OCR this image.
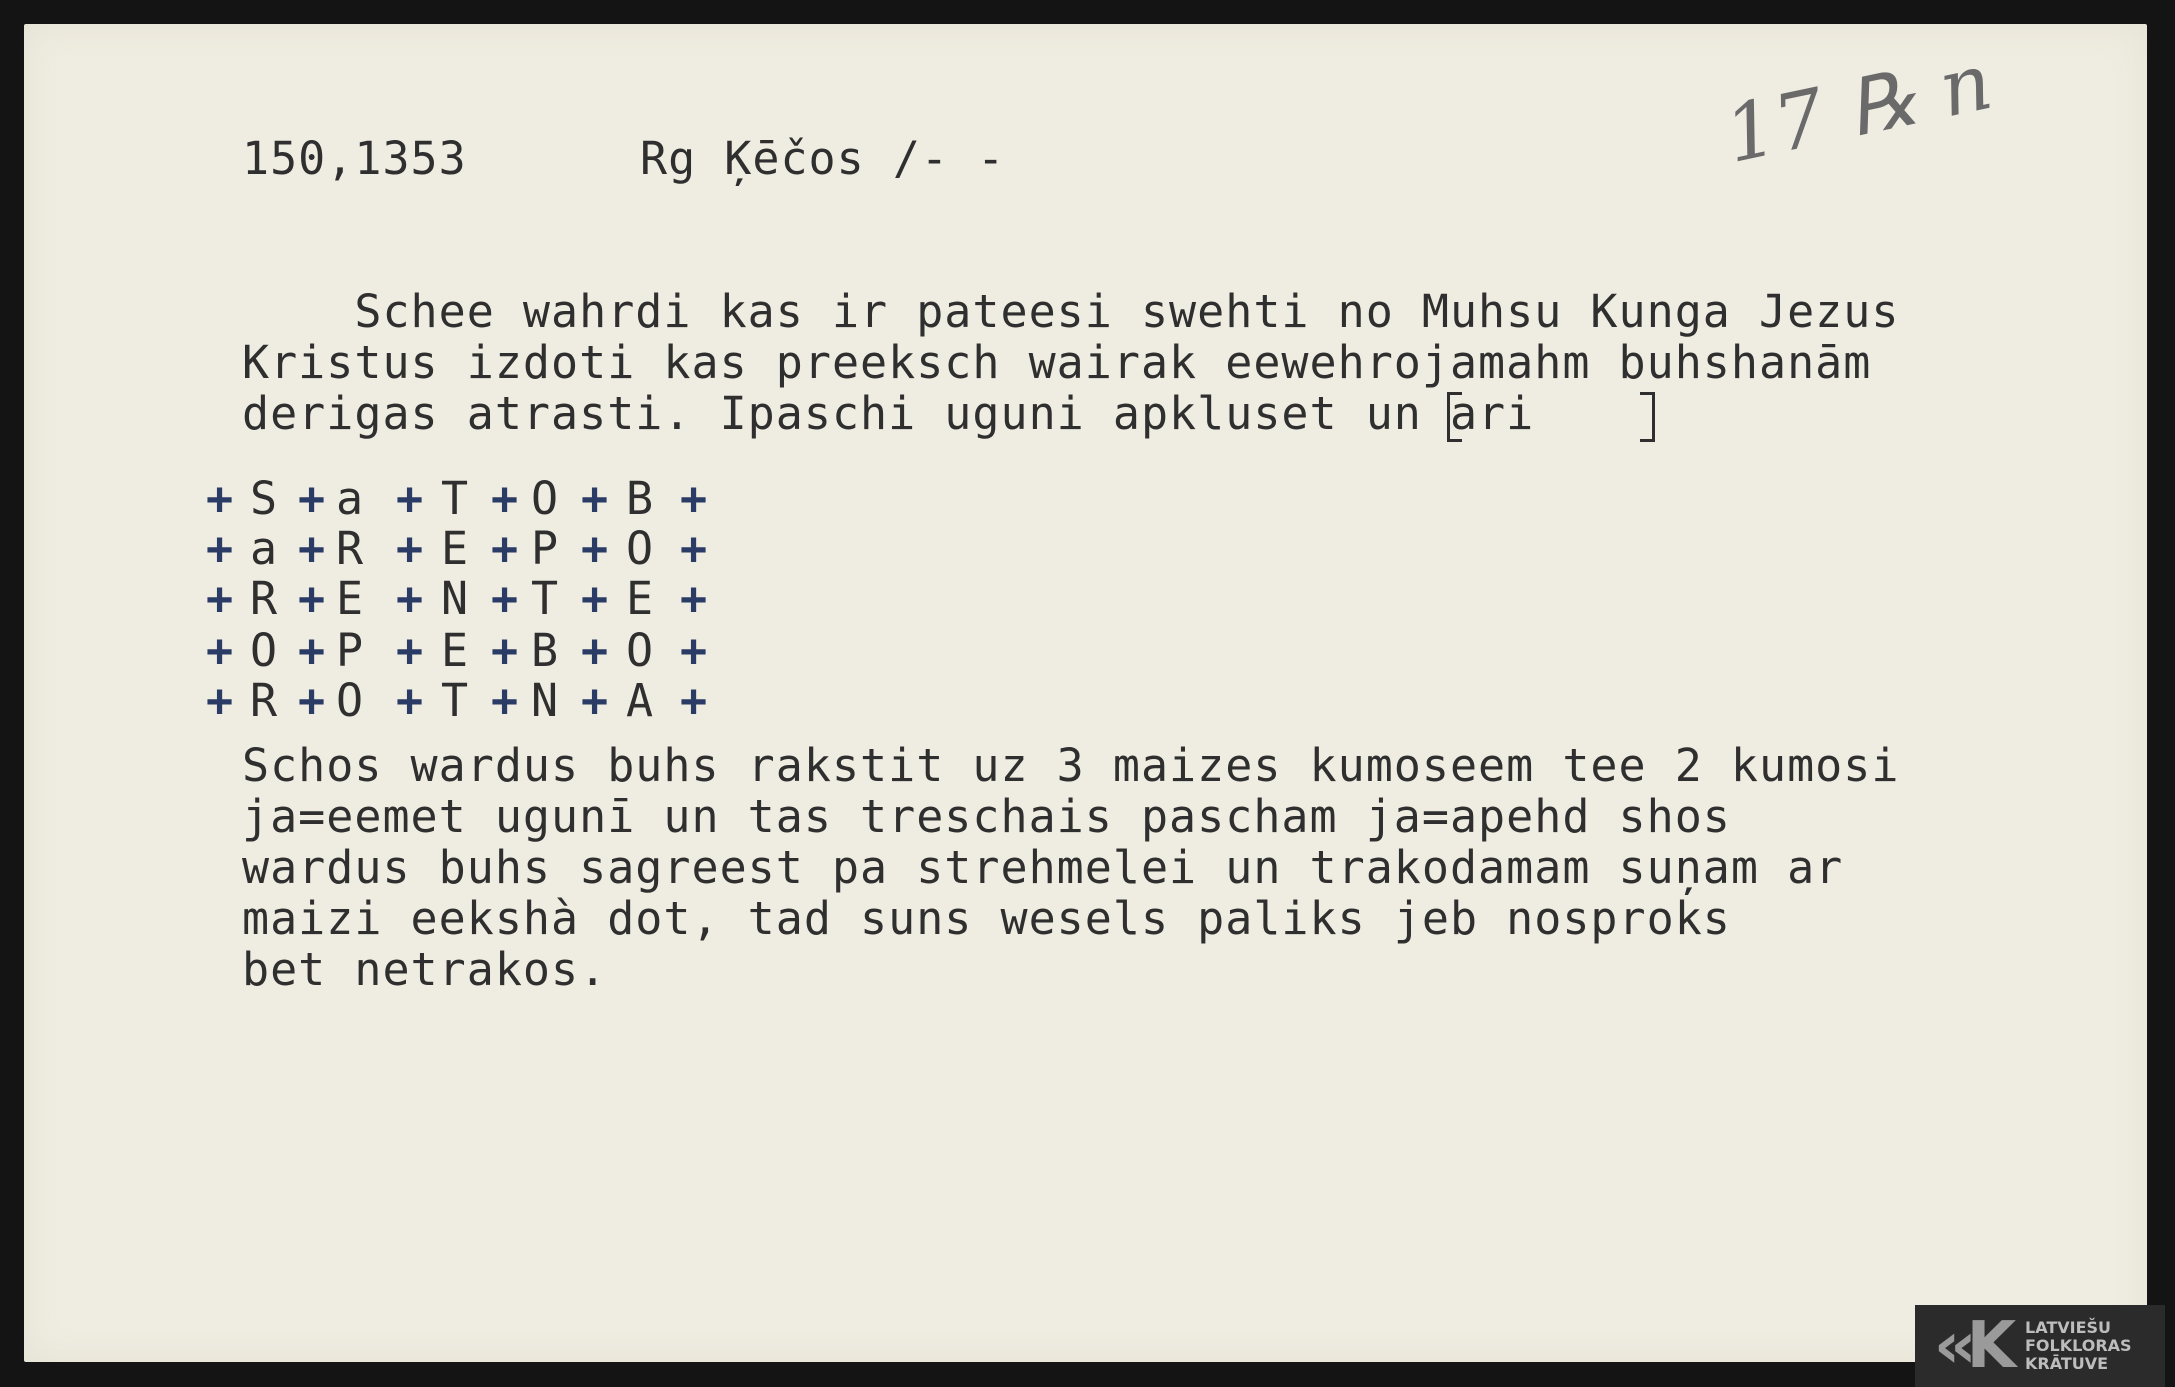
150,1353	Rg Ķēčos /- -	17 ℞ n
Schee wahrdi kas ir pateesi swehti no Muhsu Kunga Jezus
Kristus izdoti kas preeksch wairak eewehrojamahm buhshanām
derigas atrasti. Ipaschi uguni apkluset un ari
+ S + a + T + O + B +
+ a + R + E + P + O +
+ R + E + N + T + E +
+ O + P + E + B + O +
+ R + O + T + N + A +
Schos wardus buhs rakstit uz 3 maizes kumoseem tee 2 kumosi
ja=eemet ugunī un tas treschais pascham ja=apehd shos
wardus buhs sagreest pa strehmelei un trakodamam suņam ar
maizi eekshà dot, tad suns wesels paliks jeb nosproks
bet netrakos.
‹‹K	LATVIEŠU
FOLKLORAS
KRĀTUVE
